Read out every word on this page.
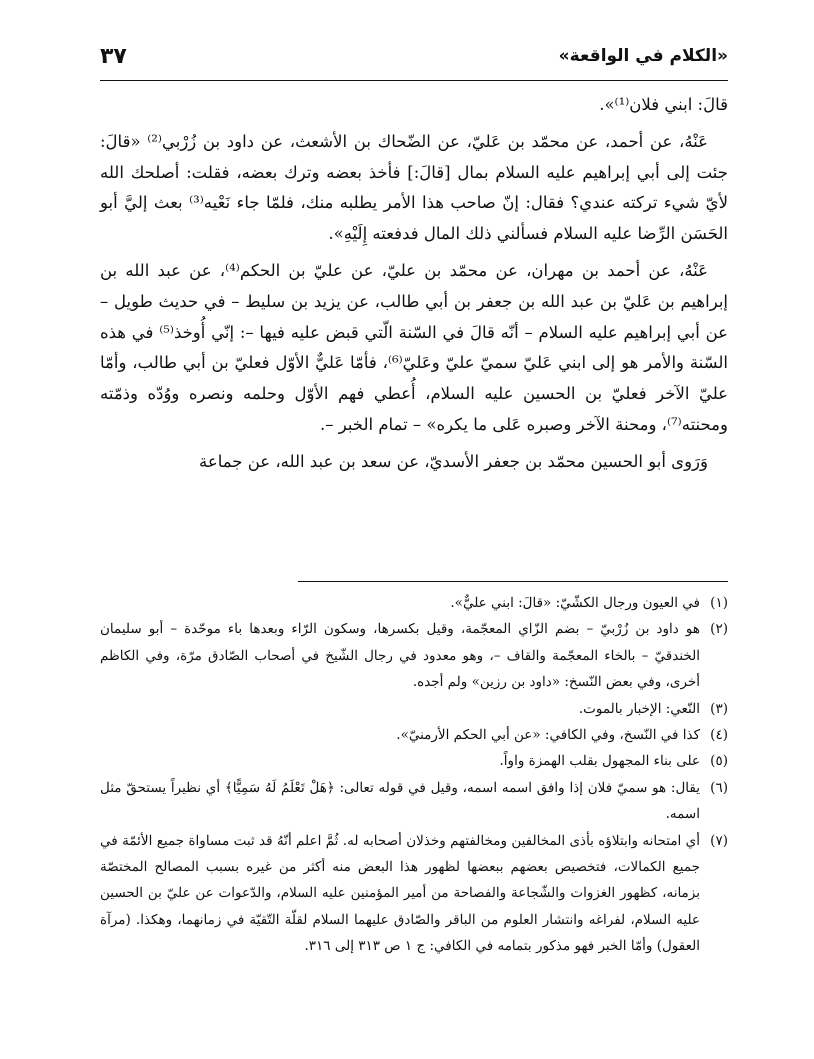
«الكلام في الواقعة»
٣٧

قالَ: ابني فلان⁽¹⁾».

عَنْهُ، عن أحمد، عن محمّد بن عَليّ، عن الضّحاك بن الأشعث، عن داود بن زُرْبي⁽²⁾ «قالَ: جئت إلى أبي إبراهيم عليه السلام بمال [قالَ:] فأخذ بعضه وترك بعضه، فقلت: أصلحك الله لأيّ شيء تركته عندي؟ فقال: إنّ صاحب هذا الأمر يطلبه منك، فلمّا جاء نَعْيه⁽³⁾ بعث إليَّ أبو الحَسَن الرِّضا عليه السلام فسألني ذلك المال فدفعته إِلَيْهِ».

عَنْهُ، عن أحمد بن مهران، عن محمّد بن عليّ، عن عليّ بن الحكم⁽⁴⁾، عن عبد الله بن إبراهيم بن عَليّ بن عبد الله بن جعفر بن أبي طالب، عن يزيد بن سليط – في حديث طويل – عن أبي إبراهيم عليه السلام – أنّه قالَ في السّنة الّتي قبض عليه فيها –: إنّي أُوخذ⁽⁵⁾ في هذه السّنة والأمر هو إلى ابني عَليّ سميّ عليّ وعَليّ⁽⁶⁾، فأمّا عَليٌّ الأوّل فعليّ بن أبي طالب، وأمّا عليّ الآخر فعليّ بن الحسين عليه السلام، أُعطي فهم الأوّل وحلمه ونصره ووُدّه وذمّته ومحنته⁽⁷⁾، ومحنة الآخر وصبره عَلى ما يكره» – تمام الخبر –.

وَرَوى أبو الحسين محمّد بن جعفر الأسديّ، عن سعد بن عبد الله، عن جماعة

(١)
في العيون ورجال الكشّيّ: «قالَ: ابني عليٌّ».
(٢)
هو داود بن زُرْبيّ – بضم الزّاي المعجّمة، وقيل بكسرها، وسكون الرّاء وبعدها باء موحّدة – أبو سليمان الخندقيّ – بالخاء المعجّمة والقاف –، وهو معدود في رجال الشّيخ في أصحاب الصّادق مرّة، وفي الكاظم أخرى، وفي بعض النّسخ: «داود بن رزين» ولم أجده.
(٣)
النّعي: الإخبار بالموت.
(٤)
كذا في النّسخ، وفي الكافي: «عن أبي الحكم الأرمنيّ».
(٥)
على بناء المجهول بقلب الهمزة واواً.
(٦)
يقال: هو سميّ فلان إذا وافق اسمه اسمه، وقيل في قوله تعالى: ﴿هَلْ تَعْلَمُ لَهُ سَمِيًّا﴾ أي نظيراً يستحقّ مثل اسمه.
(٧)
أي امتحانه وابتلاؤه بأذى المخالفين ومخالفتهم وخذلان أصحابه له. ثُمَّ اعلم أنّهُ قد ثبت مساواة جميع الأئمّة في جميع الكمالات، فتخصيص بعضهم ببعضها لظهور هذا البعض منه أكثر من غيره بسبب المصالح المختصّة بزمانه، كظهور الغزوات والشّجاعة والفصاحة من أمير المؤمنين عليه السلام، والدّعوات عن عليّ بن الحسين عليه السلام، لفراغه وانتشار العلوم من الباقر والصّادق عليهما السلام لقلّة التّقيّة في زمانهما، وهكذا. (مرآة العقول) وأمّا الخبر فهو مذكور بتمامه في الكافي: ج ١ ص ٣١٣ إلى ٣١٦.
